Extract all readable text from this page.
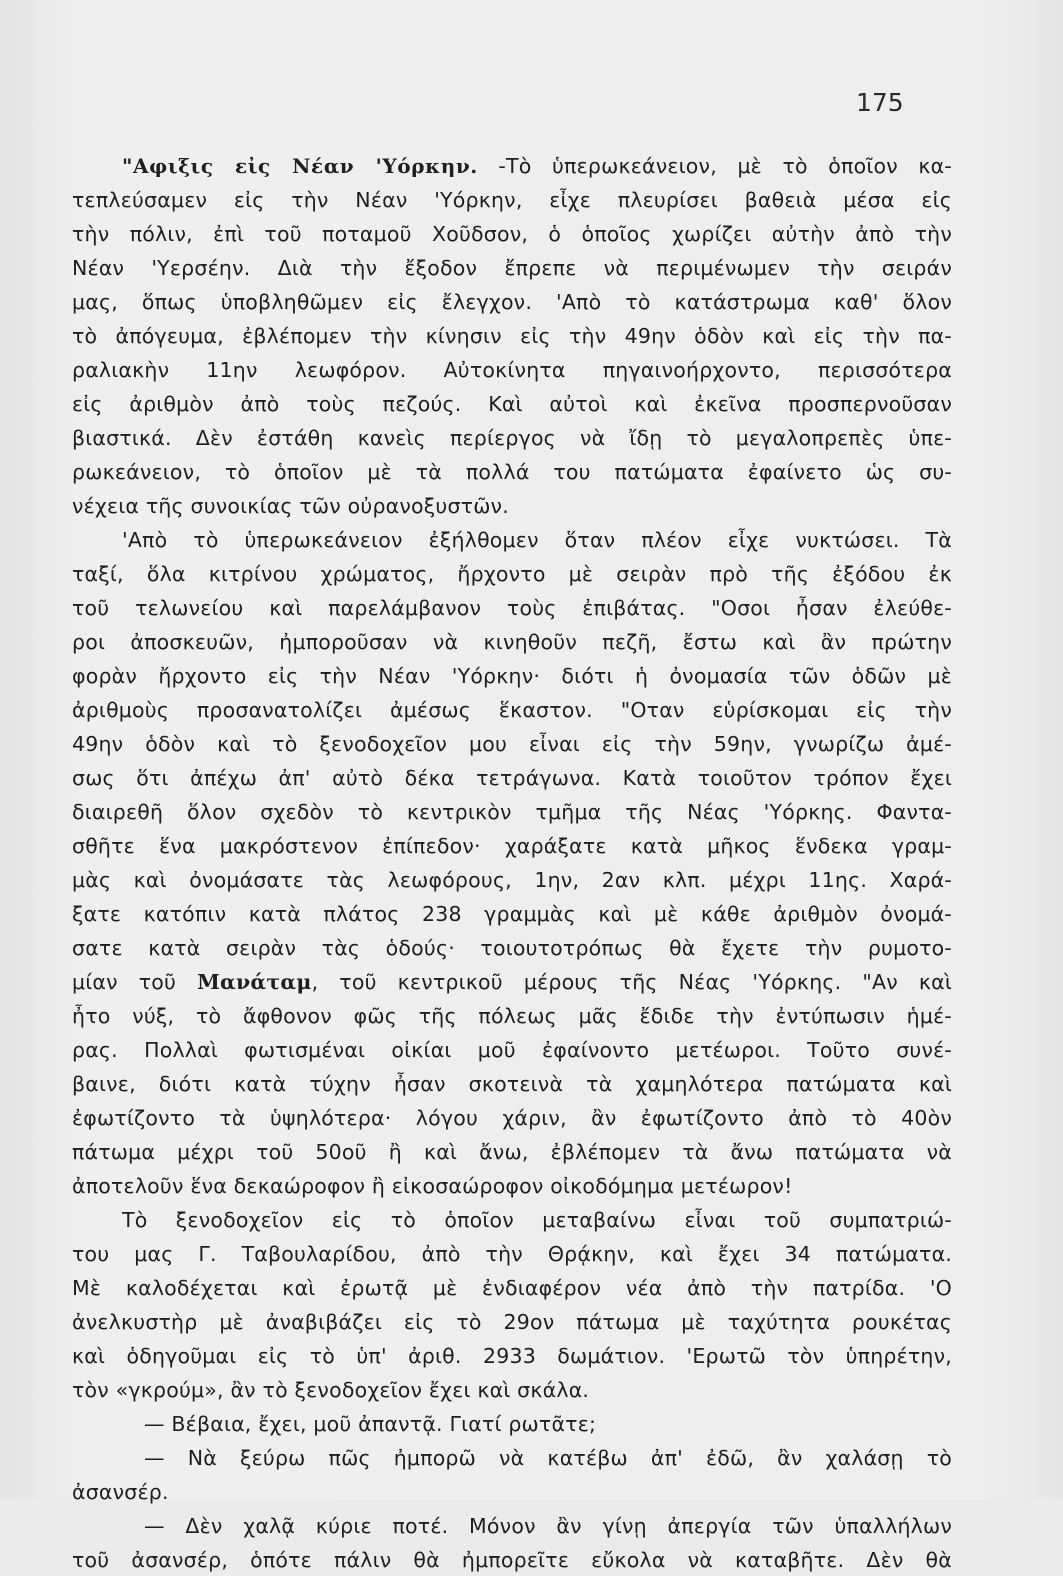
175
"Αφιξις εἰς Νέαν 'Υόρκην. -Τὸ ὑπερωκεάνειον, μὲ τὸ ὁποῖον κα-
τεπλεύσαμεν εἰς τὴν Νέαν 'Υόρκην, εἶχε πλευρίσει βαθειὰ μέσα εἰς
τὴν πόλιν, ἐπὶ τοῦ ποταμοῦ Χοῦδσον, ὁ ὁποῖος χωρίζει αὐτὴν ἀπὸ τὴν
Νέαν 'Υερσέην. Διὰ τὴν ἔξοδον ἔπρεπε νὰ περιμένωμεν τὴν σειράν
μας, ὅπως ὑποβληθῶμεν εἰς ἔλεγχον. 'Απὸ τὸ κατάστρωμα καθ' ὅλον
τὸ ἀπόγευμα, ἐβλέπομεν τὴν κίνησιν εἰς τὴν 49ην ὁδὸν καὶ εἰς τὴν πα-
ραλιακὴν 11ην λεωφόρον. Αὐτοκίνητα πηγαινοήρχοντο, περισσότερα
εἰς ἀριθμὸν ἀπὸ τοὺς πεζούς. Καὶ αὐτοὶ καὶ ἐκεῖνα προσπερνοῦσαν
βιαστικά. Δὲν ἐστάθη κανεὶς περίεργος νὰ ἴδῃ τὸ μεγαλοπρεπὲς ὑπε-
ρωκεάνειον, τὸ ὁποῖον μὲ τὰ πολλά του πατώματα ἐφαίνετο ὡς συ-
νέχεια τῆς συνοικίας τῶν οὐρανοξυστῶν.
'Απὸ τὸ ὑπερωκεάνειον ἐξήλθομεν ὅταν πλέον εἶχε νυκτώσει. Τὰ
ταξί, ὅλα κιτρίνου χρώματος, ἤρχοντο μὲ σειρὰν πρὸ τῆς ἐξόδου ἐκ
τοῦ τελωνείου καὶ παρελάμβανον τοὺς ἐπιβάτας. "Οσοι ἦσαν ἐλεύθε-
ροι ἀποσκευῶν, ἠμποροῦσαν νὰ κινηθοῦν πεζῆ, ἔστω καὶ ἂν πρώτην
φορὰν ἤρχοντο εἰς τὴν Νέαν 'Υόρκην· διότι ἡ ὀνομασία τῶν ὁδῶν μὲ
ἀριθμοὺς προσανατολίζει ἀμέσως ἕκαστον. "Οταν εὑρίσκομαι εἰς τὴν
49ην ὁδὸν καὶ τὸ ξενοδοχεῖον μου εἶναι εἰς τὴν 59ην, γνωρίζω ἀμέ-
σως ὅτι ἀπέχω ἀπ' αὐτὸ δέκα τετράγωνα. Κατὰ τοιοῦτον τρόπον ἔχει
διαιρεθῆ ὅλον σχεδὸν τὸ κεντρικὸν τμῆμα τῆς Νέας 'Υόρκης. Φαντα-
σθῆτε ἕνα μακρόστενον ἐπίπεδον· χαράξατε κατὰ μῆκος ἕνδεκα γραμ-
μὰς καὶ ὀνομάσατε τὰς λεωφόρους, 1ην, 2αν κλπ. μέχρι 11ης. Χαρά-
ξατε κατόπιν κατὰ πλάτος 238 γραμμὰς καὶ μὲ κάθε ἀριθμὸν ὀνομά-
σατε κατὰ σειρὰν τὰς ὁδούς· τοιουτοτρόπως θὰ ἔχετε τὴν ρυμοτο-
μίαν τοῦ Μανάταμ, τοῦ κεντρικοῦ μέρους τῆς Νέας 'Υόρκης. "Αν καὶ
ἦτο νύξ, τὸ ἄφθονον φῶς τῆς πόλεως μᾶς ἔδιδε τὴν ἐντύπωσιν ἡμέ-
ρας. Πολλαὶ φωτισμέναι οἰκίαι μοῦ ἐφαίνοντο μετέωροι. Τοῦτο συνέ-
βαινε, διότι κατὰ τύχην ἦσαν σκοτεινὰ τὰ χαμηλότερα πατώματα καὶ
ἐφωτίζοντο τὰ ὑψηλότερα· λόγου χάριν, ἂν ἐφωτίζοντο ἀπὸ τὸ 40ὸν
πάτωμα μέχρι τοῦ 50οῦ ἢ καὶ ἄνω, ἐβλέπομεν τὰ ἄνω πατώματα νὰ
ἀποτελοῦν ἕνα δεκαώροφον ἢ εἰκοσαώροφον οἰκοδόμημα μετέωρον!
Τὸ ξενοδοχεῖον εἰς τὸ ὁποῖον μεταβαίνω εἶναι τοῦ συμπατριώ-
του μας Γ. Ταβουλαρίδου, ἀπὸ τὴν Θρᾴκην, καὶ ἔχει 34 πατώματα.
Μὲ καλοδέχεται καὶ ἐρωτᾷ μὲ ἐνδιαφέρον νέα ἀπὸ τὴν πατρίδα. 'Ο
ἀνελκυστὴρ μὲ ἀναβιβάζει εἰς τὸ 29ον πάτωμα μὲ ταχύτητα ρουκέτας
καὶ ὁδηγοῦμαι εἰς τὸ ὑπ' ἀριθ. 2933 δωμάτιον. 'Ερωτῶ τὸν ὑπηρέτην,
τὸν «γκρούμ», ἂν τὸ ξενοδοχεῖον ἔχει καὶ σκάλα.
— Βέβαια, ἔχει, μοῦ ἀπαντᾷ. Γιατί ρωτᾶτε;
— Νὰ ξεύρω πῶς ἠμπορῶ νὰ κατέβω ἀπ' ἐδῶ, ἂν χαλάσῃ τὸ
ἀσανσέρ.
— Δὲν χαλᾷ κύριε ποτέ. Μόνον ἂν γίνῃ ἀπεργία τῶν ὑπαλλήλων
τοῦ ἀσανσέρ, ὁπότε πάλιν θὰ ἠμπορεῖτε εὔκολα νὰ καταβῆτε. Δὲν θὰ
